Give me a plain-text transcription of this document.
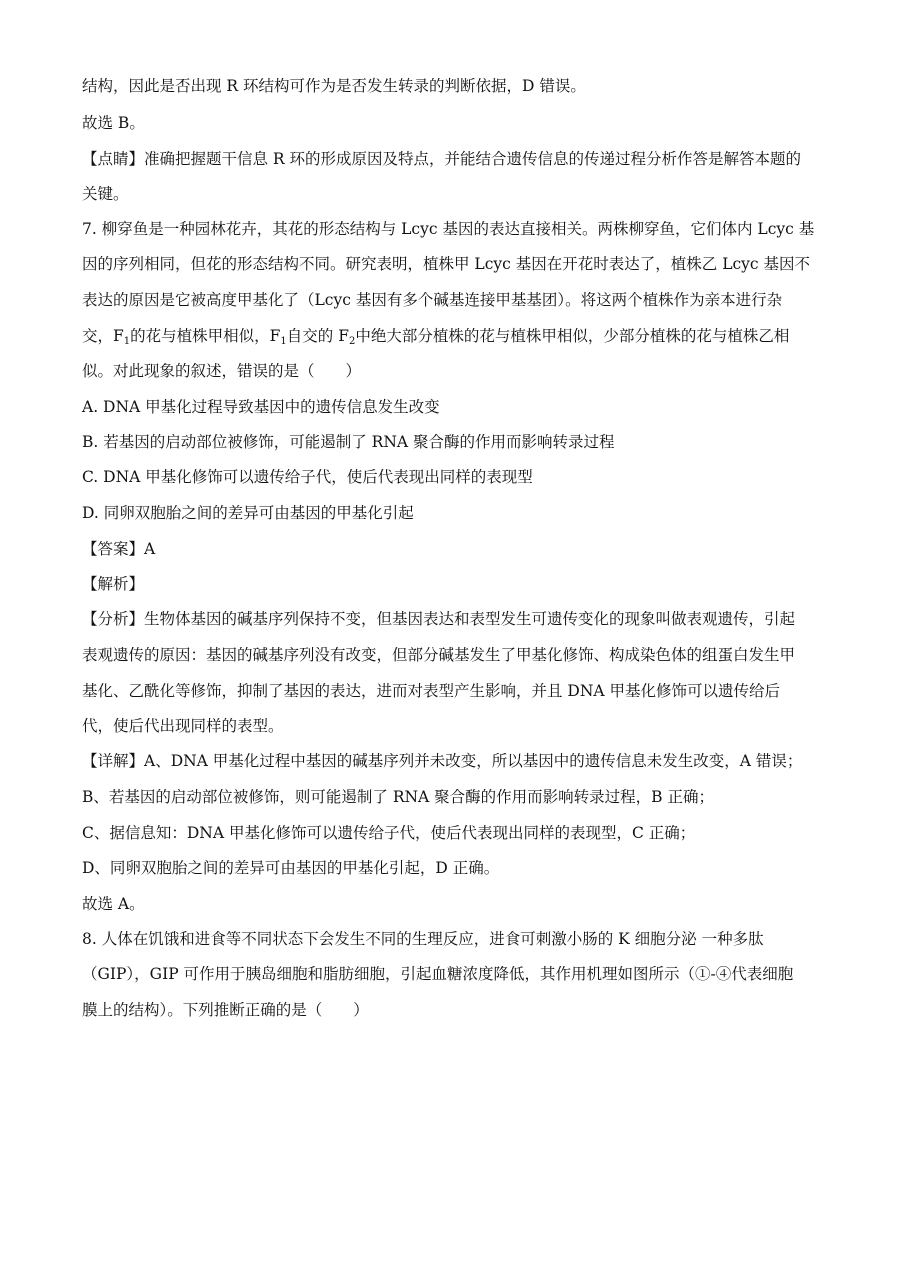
结构，因此是否出现 R 环结构可作为是否发生转录的判断依据，D 错误。
故选 B。
【点睛】准确把握题干信息 R 环的形成原因及特点，并能结合遗传信息的传递过程分析作答是解答本题的
关键。
7. 柳穿鱼是一种园林花卉，其花的形态结构与 Lcyc 基因的表达直接相关。两株柳穿鱼，它们体内 Lcyc 基
因的序列相同，但花的形态结构不同。研究表明，植株甲 Lcyc 基因在开花时表达了，植株乙 Lcyc 基因不
表达的原因是它被高度甲基化了（Lcyc 基因有多个碱基连接甲基基团）。将这两个植株作为亲本进行杂
交，$F_1$的花与植株甲相似，$F_1$自交的 $F_2$中绝大部分植株的花与植株甲相似，少部分植株的花与植株乙相
似。对此现象的叙述，错误的是（　　）
A. DNA 甲基化过程导致基因中的遗传信息发生改变
B. 若基因的启动部位被修饰，可能遏制了 RNA 聚合酶的作用而影响转录过程
C. DNA 甲基化修饰可以遗传给子代，使后代表现出同样的表现型
D. 同卵双胞胎之间的差异可由基因的甲基化引起
【答案】A
【解析】
【分析】生物体基因的碱基序列保持不变，但基因表达和表型发生可遗传变化的现象叫做表观遗传，引起
表观遗传的原因：基因的碱基序列没有改变，但部分碱基发生了甲基化修饰、构成染色体的组蛋白发生甲
基化、乙酰化等修饰，抑制了基因的表达，进而对表型产生影响，并且 DNA 甲基化修饰可以遗传给后
代，使后代出现同样的表型。
【详解】A、DNA 甲基化过程中基因的碱基序列并未改变，所以基因中的遗传信息未发生改变，A 错误；
B、若基因的启动部位被修饰，则可能遏制了 RNA 聚合酶的作用而影响转录过程，B 正确；
C、据信息知：DNA 甲基化修饰可以遗传给子代，使后代表现出同样的表现型，C 正确；
D、同卵双胞胎之间的差异可由基因的甲基化引起，D 正确。
故选 A。
8. 人体在饥饿和进食等不同状态下会发生不同的生理反应，进食可刺激小肠的 K 细胞分泌 一种多肽
（GIP），GIP 可作用于胰岛细胞和脂肪细胞，引起血糖浓度降低，其作用机理如图所示（①-④代表细胞
膜上的结构）。下列推断正确的是（　　）
